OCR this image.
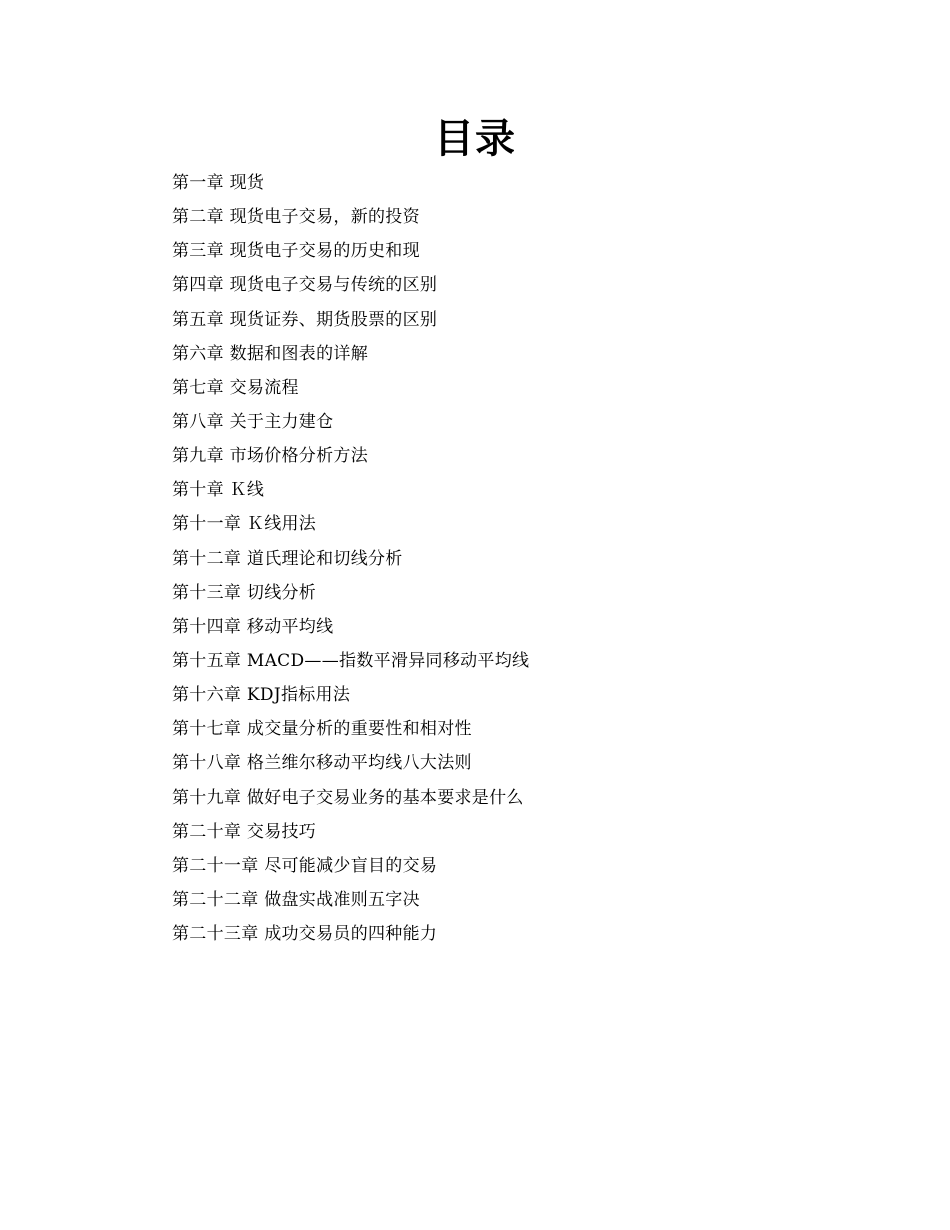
目录
第一章 现货
第二章 现货电子交易，新的投资
第三章 现货电子交易的历史和现
第四章 现货电子交易与传统的区别
第五章 现货证券、期货股票的区别
第六章 数据和图表的详解
第七章 交易流程
第八章 关于主力建仓
第九章 市场价格分析方法
第十章 Ｋ线
第十一章 Ｋ线用法
第十二章 道氏理论和切线分析
第十三章 切线分析
第十四章 移动平均线
第十五章 MACD——指数平滑异同移动平均线
第十六章 KDJ指标用法
第十七章 成交量分析的重要性和相对性
第十八章 格兰维尔移动平均线八大法则
第十九章 做好电子交易业务的基本要求是什么
第二十章 交易技巧
第二十一章 尽可能减少盲目的交易
第二十二章 做盘实战准则五字决
第二十三章 成功交易员的四种能力
